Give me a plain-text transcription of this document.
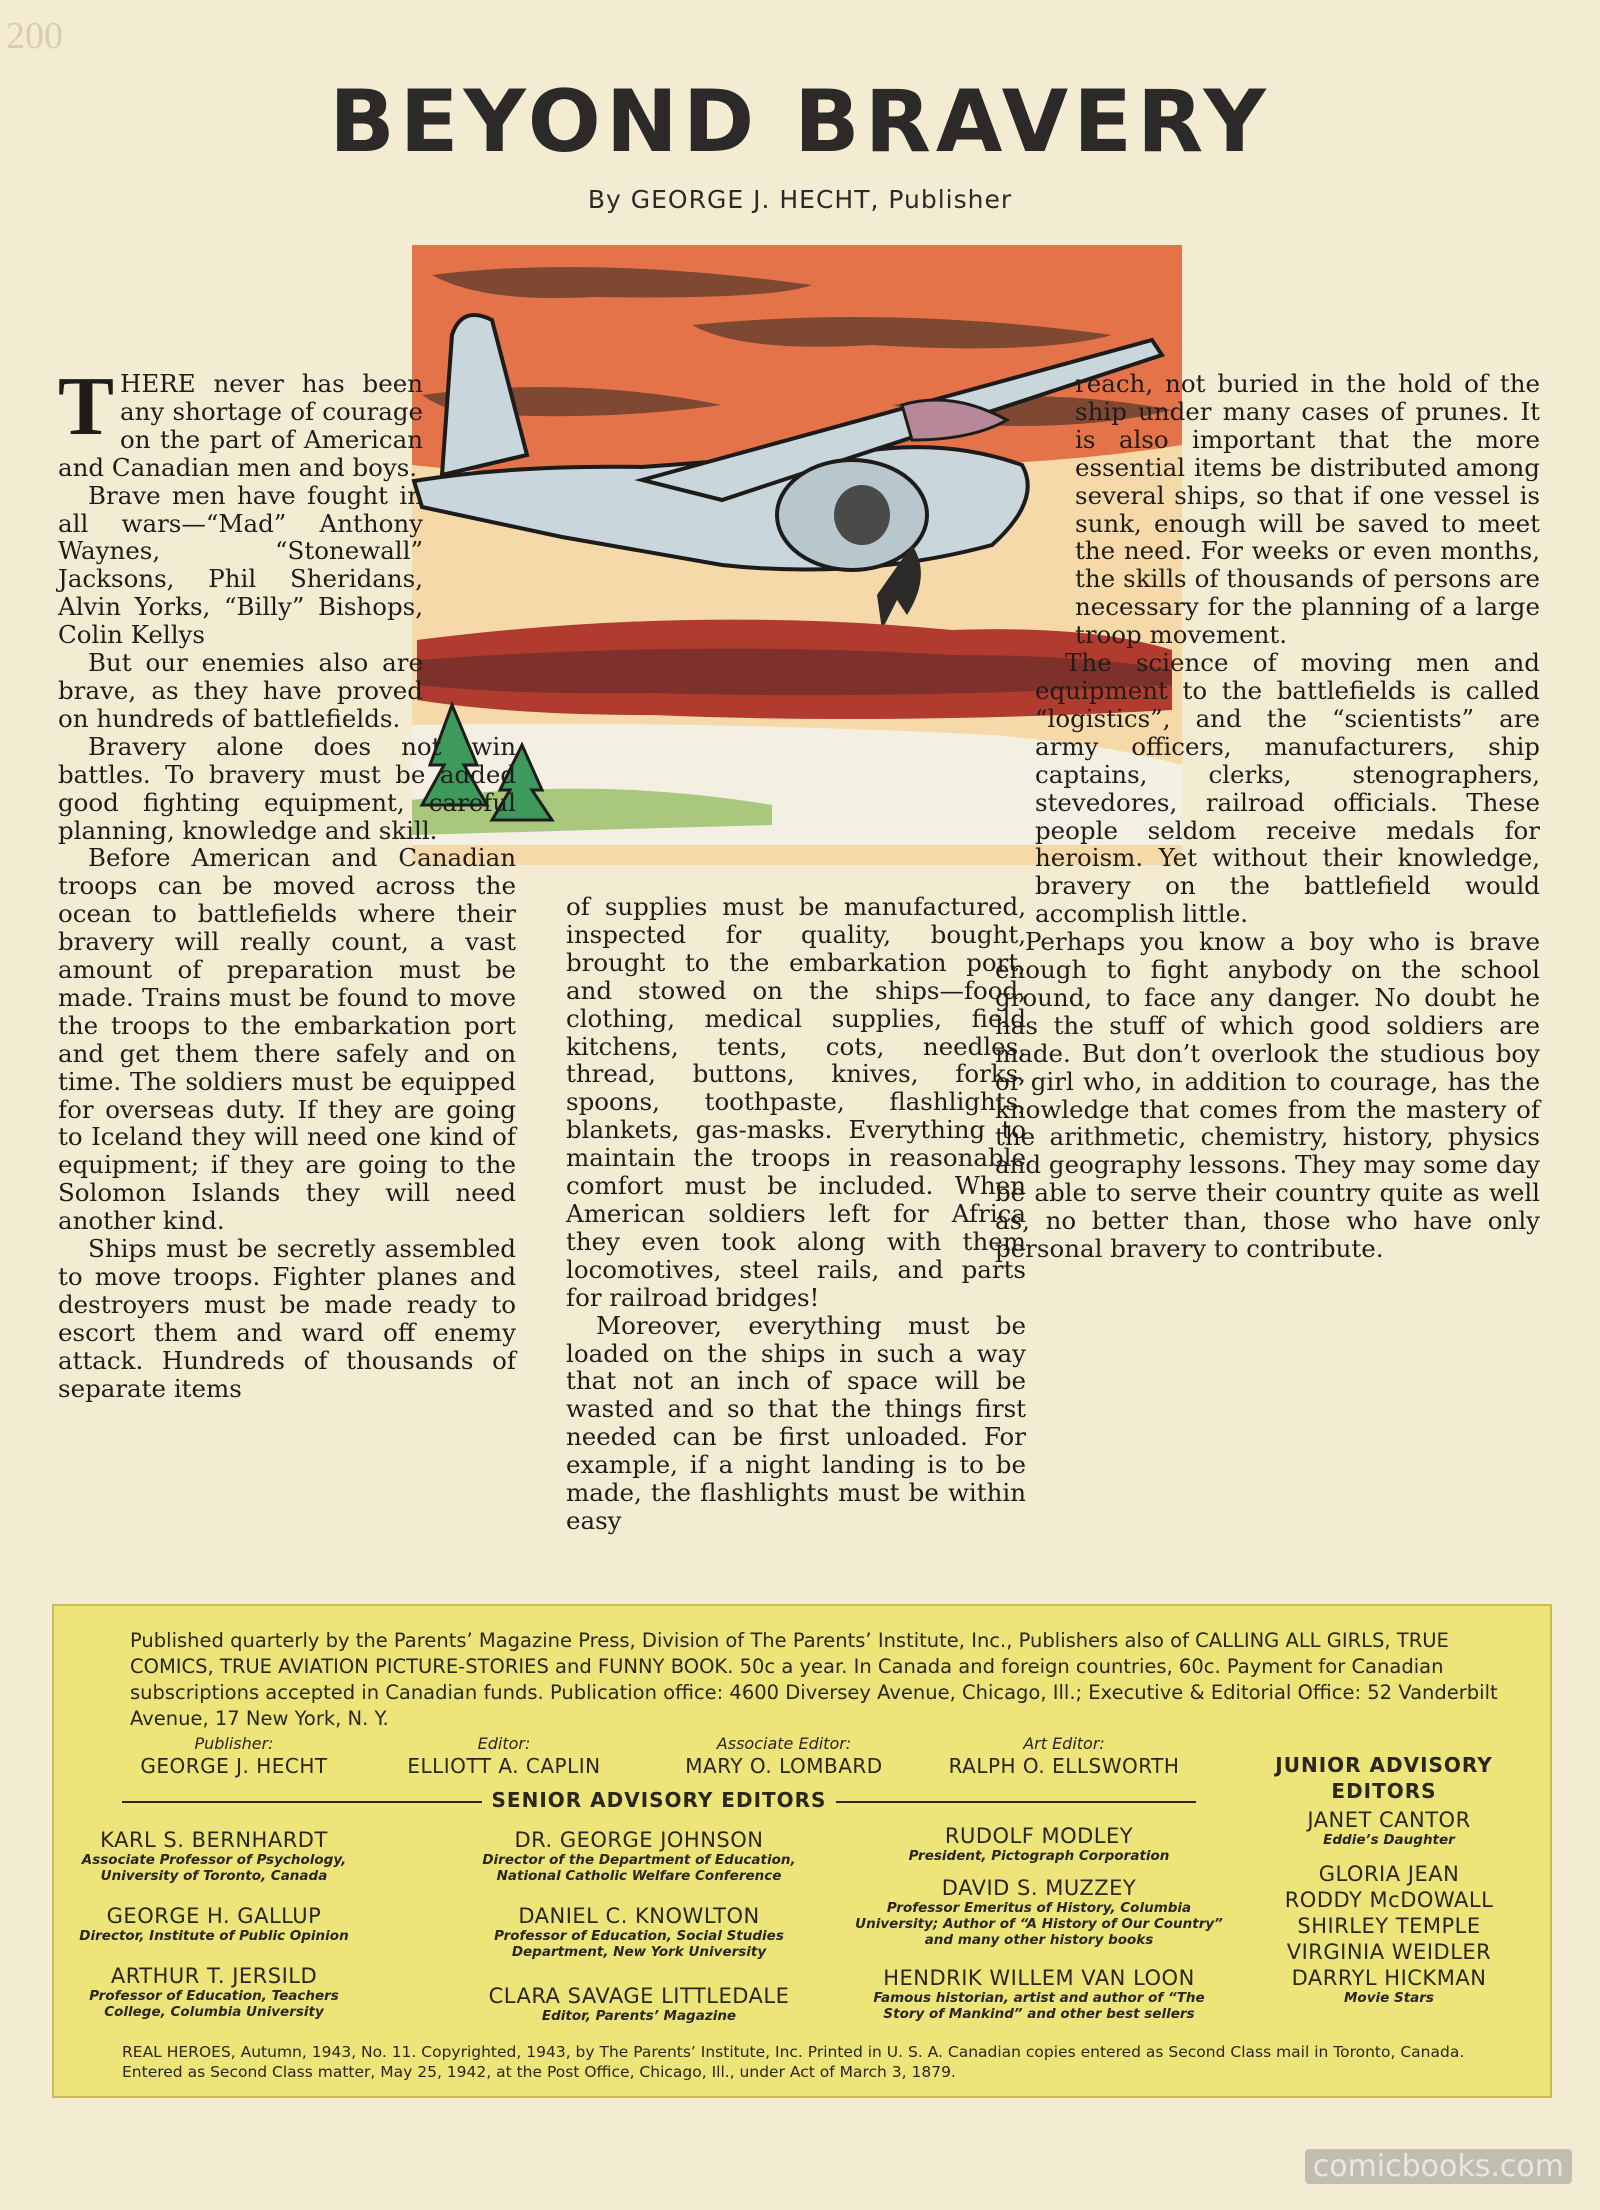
200
BEYOND BRAVERY
By GEORGE J. HECHT, Publisher

THERE never has been any shortage of courage on the part of American and Canadian men and boys.

Brave men have fought in all wars—“Mad” Anthony Waynes, “Stonewall” Jacksons, Phil Sheridans, Alvin Yorks, “Billy” Bishops, Colin Kellys

But our enemies also are brave, as they have proved on hundreds of battlefields.

Bravery alone does not win battles. To bravery must be added good fighting equipment, careful planning, knowledge and skill.

Before American and Canadian troops can be moved across the ocean to battlefields where their bravery will really count, a vast amount of preparation must be made. Trains must be found to move the troops to the embarkation port and get them there safely and on time. The soldiers must be equipped for overseas duty. If they are going to Iceland they will need one kind of equipment; if they are going to the Solomon Islands they will need another kind.

Ships must be secretly assembled to move troops. Fighter planes and destroyers must be made ready to escort them and ward off enemy attack. Hundreds of thousands of separate items

of supplies must be manufactured, inspected for quality, bought, brought to the embarkation port, and stowed on the ships—food, clothing, medical supplies, field kitchens, tents, cots, needles, thread, buttons, knives, forks, spoons, toothpaste, flashlights, blankets, gas-masks. Everything to maintain the troops in reasonable comfort must be included. When American soldiers left for Africa they even took along with them locomotives, steel rails, and parts for railroad bridges!

Moreover, everything must be loaded on the ships in such a way that not an inch of space will be wasted and so that the things first needed can be first unloaded. For example, if a night landing is to be made, the flashlights must be within easy

reach, not buried in the hold of the ship under many cases of prunes. It is also important that the more essential items be distributed among several ships, so that if one vessel is sunk, enough will be saved to meet the need. For weeks or even months, the skills of thousands of persons are necessary for the planning of a large troop movement.

The science of moving men and equipment to the battlefields is called “logistics”, and the “scientists” are army officers, manufacturers, ship captains, clerks, stenographers, stevedores, railroad officials. These people seldom receive medals for heroism. Yet without their knowledge, bravery on the battlefield would accomplish little.

Perhaps you know a boy who is brave enough to fight anybody on the school ground, to face any danger. No doubt he has the stuff of which good soldiers are made. But don’t overlook the studious boy or girl who, in addition to courage, has the knowledge that comes from the mastery of the arithmetic, chemistry, history, physics and geography lessons. They may some day be able to serve their country quite as well as, no better than, those who have only personal bravery to contribute.

Published quarterly by the Parents’ Magazine Press, Division of The Parents’ Institute, Inc., Publishers also of CALLING ALL GIRLS, TRUE COMICS, TRUE AVIATION PICTURE-STORIES and FUNNY BOOK. 50c a year. In Canada and foreign countries, 60c. Payment for Canadian subscriptions accepted in Canadian funds. Publication office: 4600 Diversey Avenue, Chicago, Ill.; Executive & Editorial Office: 52 Vanderbilt Avenue, 17 New York, N. Y.
Publisher:
GEORGE J. HECHT
Editor:
ELLIOTT A. CAPLIN
Associate Editor:
MARY O. LOMBARD
Art Editor:
RALPH O. ELLSWORTH
SENIOR ADVISORY EDITORS
JUNIOR ADVISORY
EDITORS
KARL S. BERNHARDT
Associate Professor of Psychology, University of Toronto, Canada
GEORGE H. GALLUP
Director, Institute of Public Opinion
ARTHUR T. JERSILD
Professor of Education, Teachers College, Columbia University
DR. GEORGE JOHNSON
Director of the Department of Education, National Catholic Welfare Conference
DANIEL C. KNOWLTON
Professor of Education, Social Studies Department, New York University
CLARA SAVAGE LITTLEDALE
Editor, Parents’ Magazine
RUDOLF MODLEY
President, Pictograph Corporation
DAVID S. MUZZEY
Professor Emeritus of History, Columbia University; Author of “A History of Our Country” and many other history books
HENDRIK WILLEM VAN LOON
Famous historian, artist and author of “The Story of Mankind” and other best sellers
JANET CANTOR
Eddie’s Daughter
GLORIA JEAN
RODDY McDOWALL
SHIRLEY TEMPLE
VIRGINIA WEIDLER
DARRYL HICKMAN
Movie Stars
REAL HEROES, Autumn, 1943, No. 11. Copyrighted, 1943, by The Parents’ Institute, Inc. Printed in U. S. A. Canadian copies entered as Second Class mail in Toronto, Canada. Entered as Second Class matter, May 25, 1942, at the Post Office, Chicago, Ill., under Act of March 3, 1879.
comicbooks.com
